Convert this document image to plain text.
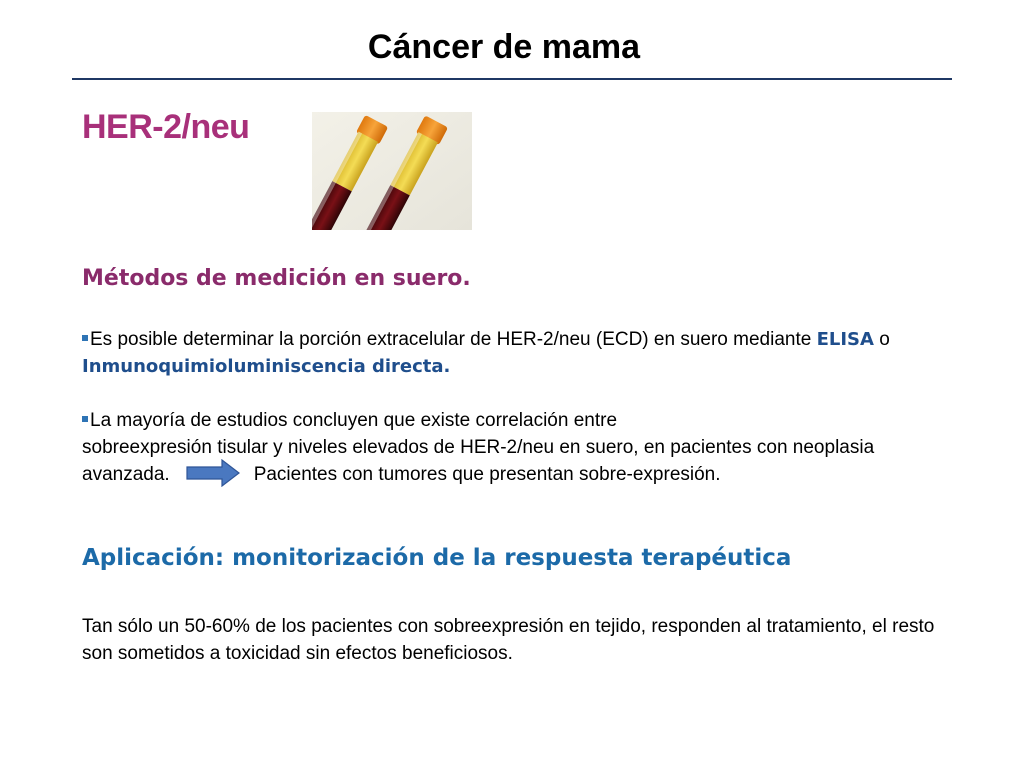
Cáncer de mama
HER-2/neu
Métodos de medición en suero.

Es posible determinar la porción extracelular de HER-2/neu (ECD) en suero mediante ELISA o Inmunoquimioluminiscencia directa.

La mayoría de estudios concluyen que existe correlación entre
sobreexpresión tisular y niveles elevados de HER-2/neu en suero, en pacientes con neoplasia avanzada.	Pacientes con tumores que presentan sobre-expresión.

Aplicación: monitorización de la respuesta terapéutica

Tan sólo un 50-60% de los pacientes con sobreexpresión en tejido, responden al tratamiento, el resto son sometidos a toxicidad sin efectos beneficiosos.
